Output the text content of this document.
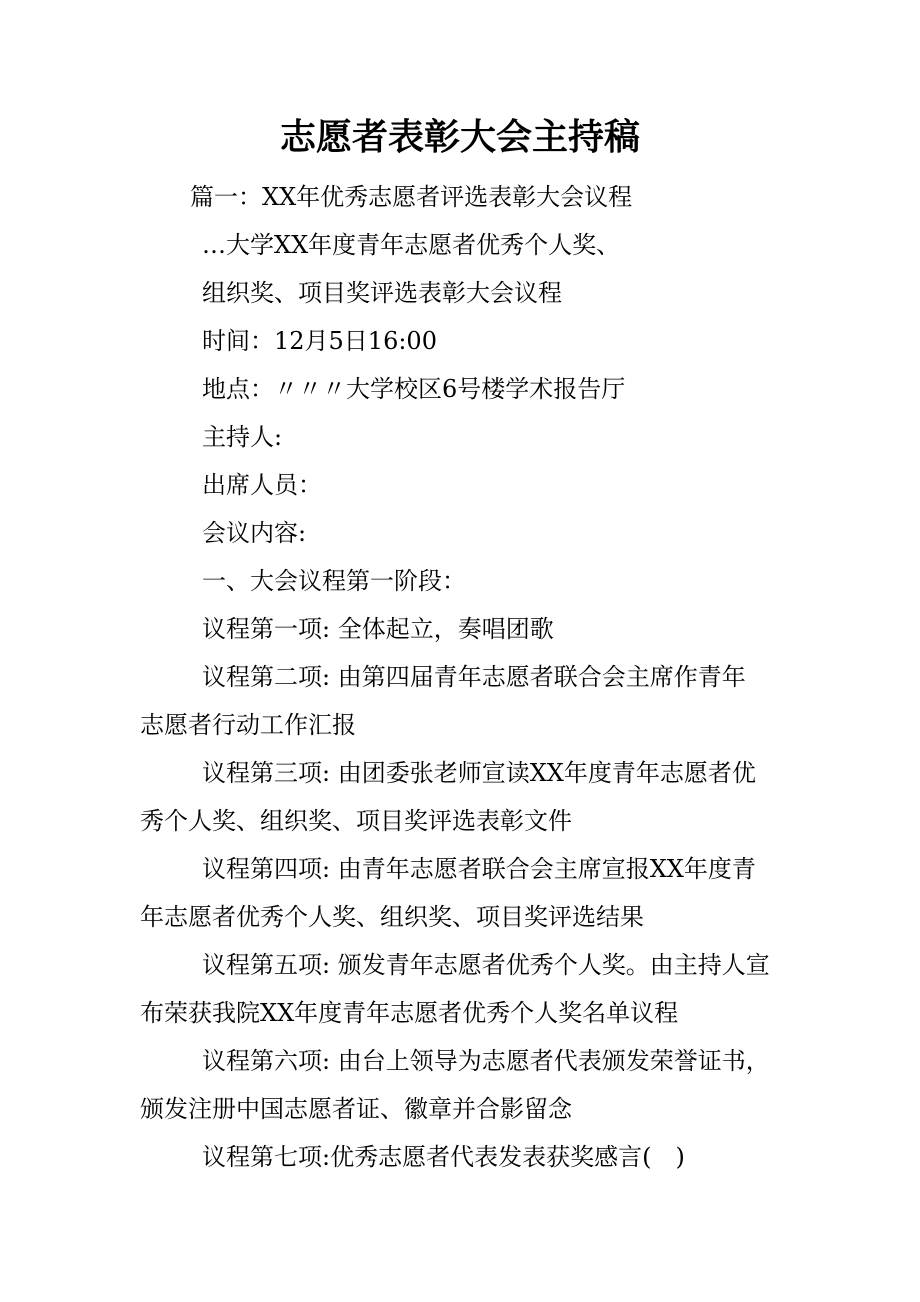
志愿者表彰大会主持稿
篇一：XX年优秀志愿者评选表彰大会议程
…大学XX年度青年志愿者优秀个人奖、
组织奖、项目奖评选表彰大会议程
时间：12月5日16:00
地点：〃〃〃大学校区6号楼学术报告厅
主持人:
出席人员：
会议内容:
一、大会议程第一阶段：
议程第一项: 全体起立，奏唱团歌
议程第二项: 由第四届青年志愿者联合会主席作青年
志愿者行动工作汇报
议程第三项: 由团委张老师宣读XX年度青年志愿者优
秀个人奖、组织奖、项目奖评选表彰文件
议程第四项: 由青年志愿者联合会主席宣报XX年度青
年志愿者优秀个人奖、组织奖、项目奖评选结果
议程第五项: 颁发青年志愿者优秀个人奖。由主持人宣
布荣获我院XX年度青年志愿者优秀个人奖名单议程
议程第六项: 由台上领导为志愿者代表颁发荣誉证书，
颁发注册中国志愿者证、徽章并合影留念
议程第七项:优秀志愿者代表发表获奖感言(　)
